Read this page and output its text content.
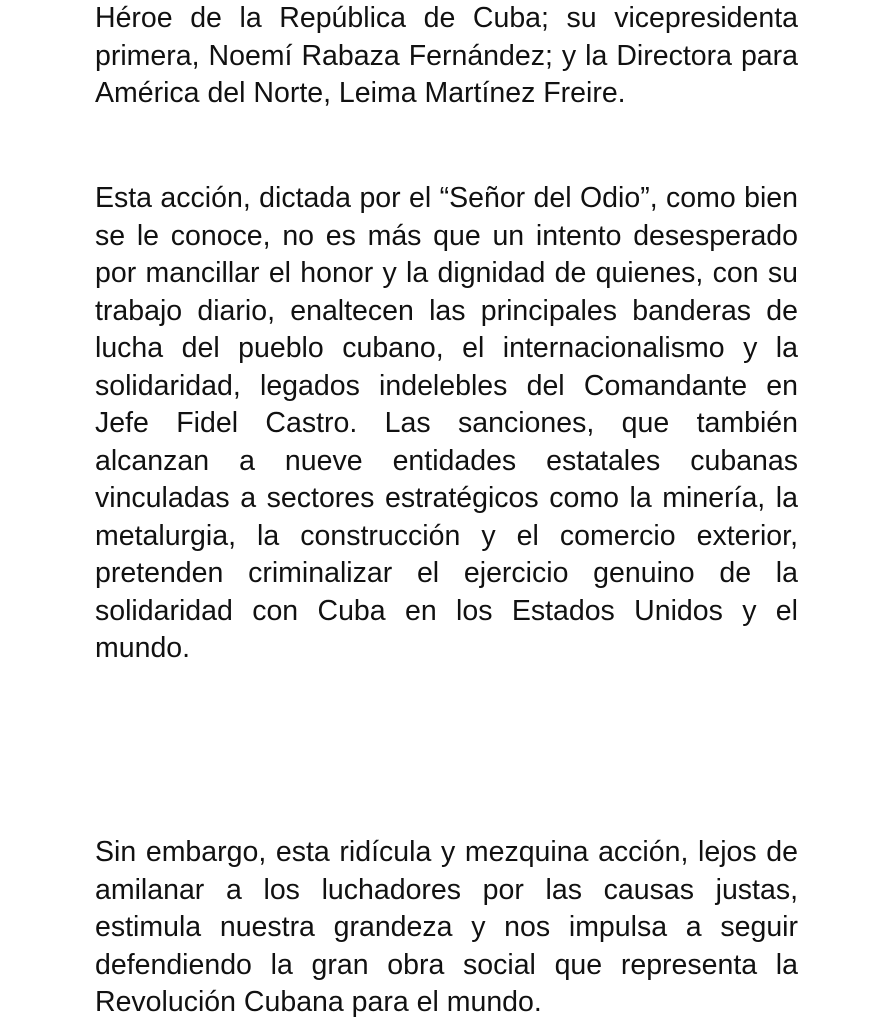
Héroe de la República de Cuba; su vicepresidenta primera, Noemí Rabaza Fernández; y la Directora para América del Norte, Leima Martínez Freire.

Esta acción, dictada por el “Señor del Odio”, como bien se le conoce, no es más que un intento desesperado por mancillar el honor y la dignidad de quienes, con su trabajo diario, enaltecen las principales banderas de lucha del pueblo cubano, el internacionalismo y la solidaridad, legados indelebles del Comandante en Jefe Fidel Castro. Las sanciones, que también alcanzan a nueve entidades estatales cubanas vinculadas a sectores estratégicos como la minería, la metalurgia, la construcción y el comercio exterior, pretenden criminalizar el ejercicio genuino de la solidaridad con Cuba en los Estados Unidos y el mundo.

Sin embargo, esta ridícula y mezquina acción, lejos de amilanar a los luchadores por las causas justas, estimula nuestra grandeza y nos impulsa a seguir defendiendo la gran obra social que representa la Revolución Cubana para el mundo.
